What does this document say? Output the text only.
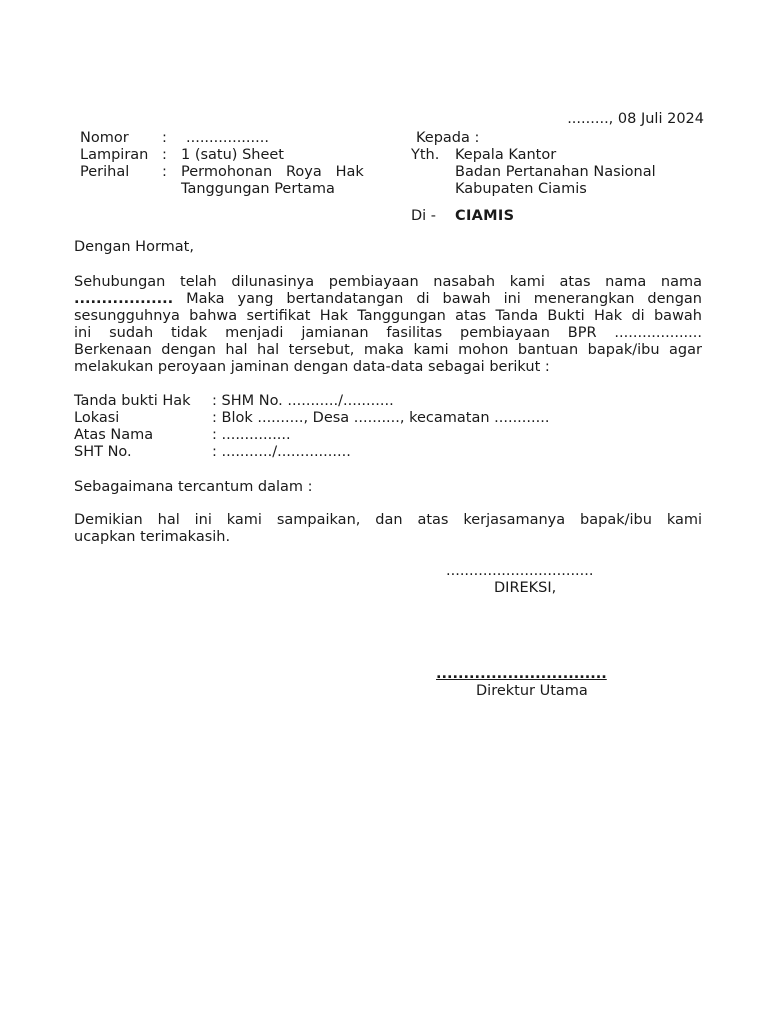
........., 08 Juli 2024
Nomor : ..................
Lampiran : 1 (satu) Sheet
Perihal : Permohonan   Roya   Hak
Tanggungan Pertama
Kepada :
Yth. Kepala Kantor
Badan Pertanahan Nasional
Kabupaten Ciamis
Di - CIAMIS
Dengan Hormat,
Sehubungan telah dilunasinya pembiayaan nasabah kami atas nama nama
.................. Maka yang bertandatangan di bawah ini menerangkan dengan
sesungguhnya bahwa sertifikat Hak Tanggungan atas Tanda Bukti Hak di bawah
ini sudah tidak menjadi jamianan fasilitas pembiayaan BPR ...................
Berkenaan dengan hal hal tersebut, maka kami mohon bantuan bapak/ibu agar
melakukan peroyaan jaminan dengan data-data sebagai berikut :
Tanda bukti Hak : SHM No. .........../...........
Lokasi	: Blok .........., Desa .........., kecamatan ............
Atas Nama	: ...............
SHT No.	: .........../................
Sebagaimana tercantum dalam :
Demikian hal ini kami sampaikan, dan atas kerjasamanya bapak/ibu kami
ucapkan terimakasih.
................................
DIREKSI,
...............................
Direktur Utama
